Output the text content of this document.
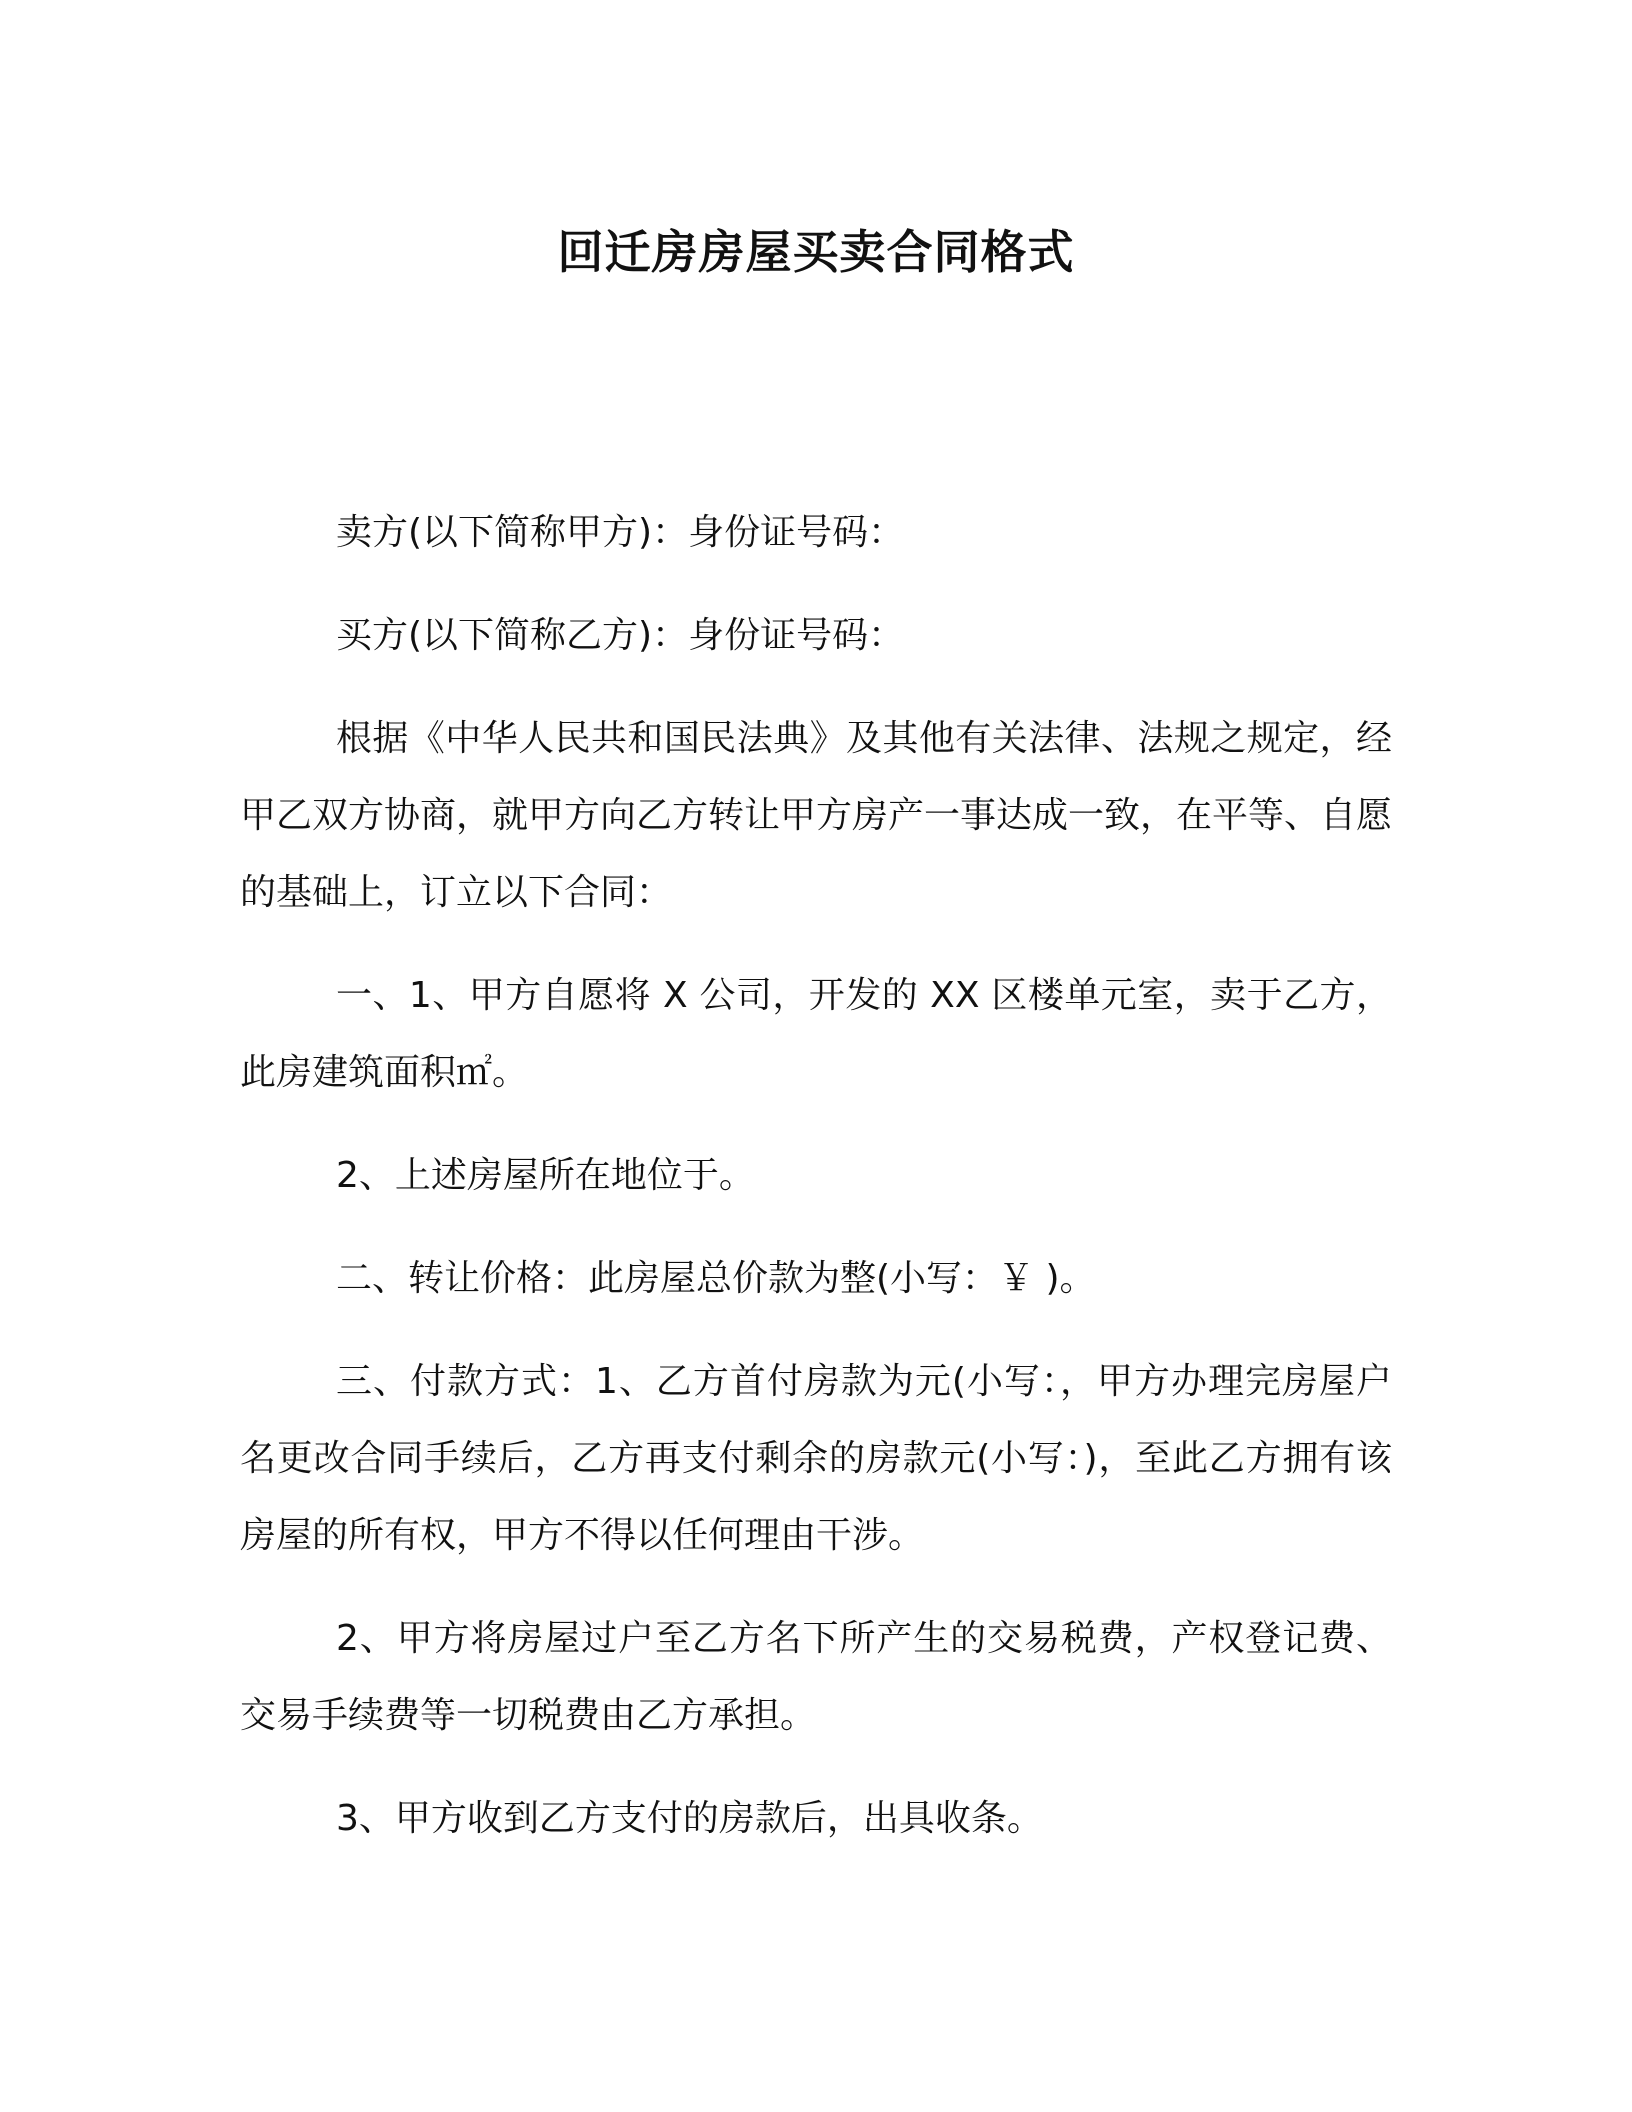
回迁房房屋买卖合同格式

卖方(以下简称甲方)：身份证号码：

买方(以下简称乙方)：身份证号码：

根据《中华人民共和国民法典》及其他有关法律、法规之规定，经甲乙双方协商，就甲方向乙方转让甲方房产一事达成一致，在平等、自愿的基础上，订立以下合同：

一、1、甲方自愿将 X 公司，开发的 XX 区楼单元室，卖于乙方，此房建筑面积㎡。

2、上述房屋所在地位于。

二、转让价格：此房屋总价款为整(小写：￥ )。

三、付款方式：1、乙方首付房款为元(小写：，甲方办理完房屋户名更改合同手续后，乙方再支付剩余的房款元(小写：)，至此乙方拥有该房屋的所有权，甲方不得以任何理由干涉。

2、甲方将房屋过户至乙方名下所产生的交易税费，产权登记费、交易手续费等一切税费由乙方承担。

3、甲方收到乙方支付的房款后，出具收条。
